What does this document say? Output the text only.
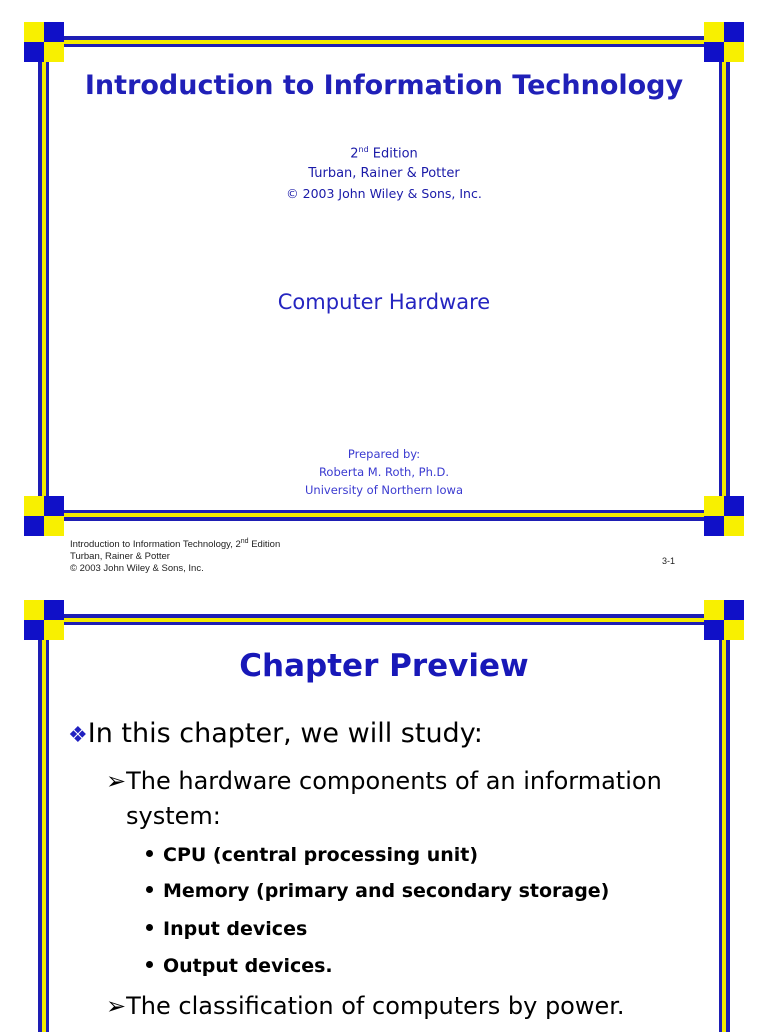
Introduction to Information Technology
2nd Edition
Turban, Rainer & Potter
© 2003 John Wiley & Sons, Inc.
Computer Hardware
Prepared by:
Roberta M. Roth, Ph.D.
University of Northern Iowa
Introduction to Information Technology, 2nd Edition
Turban, Rainer & Potter
© 2003 John Wiley & Sons, Inc.
3-1
Chapter Preview
❖In this chapter, we will study:
➢The hardware components of an information
system:
CPU (central processing unit)
Memory (primary and secondary storage)
Input devices
Output devices.
➢The classification of computers by power.
